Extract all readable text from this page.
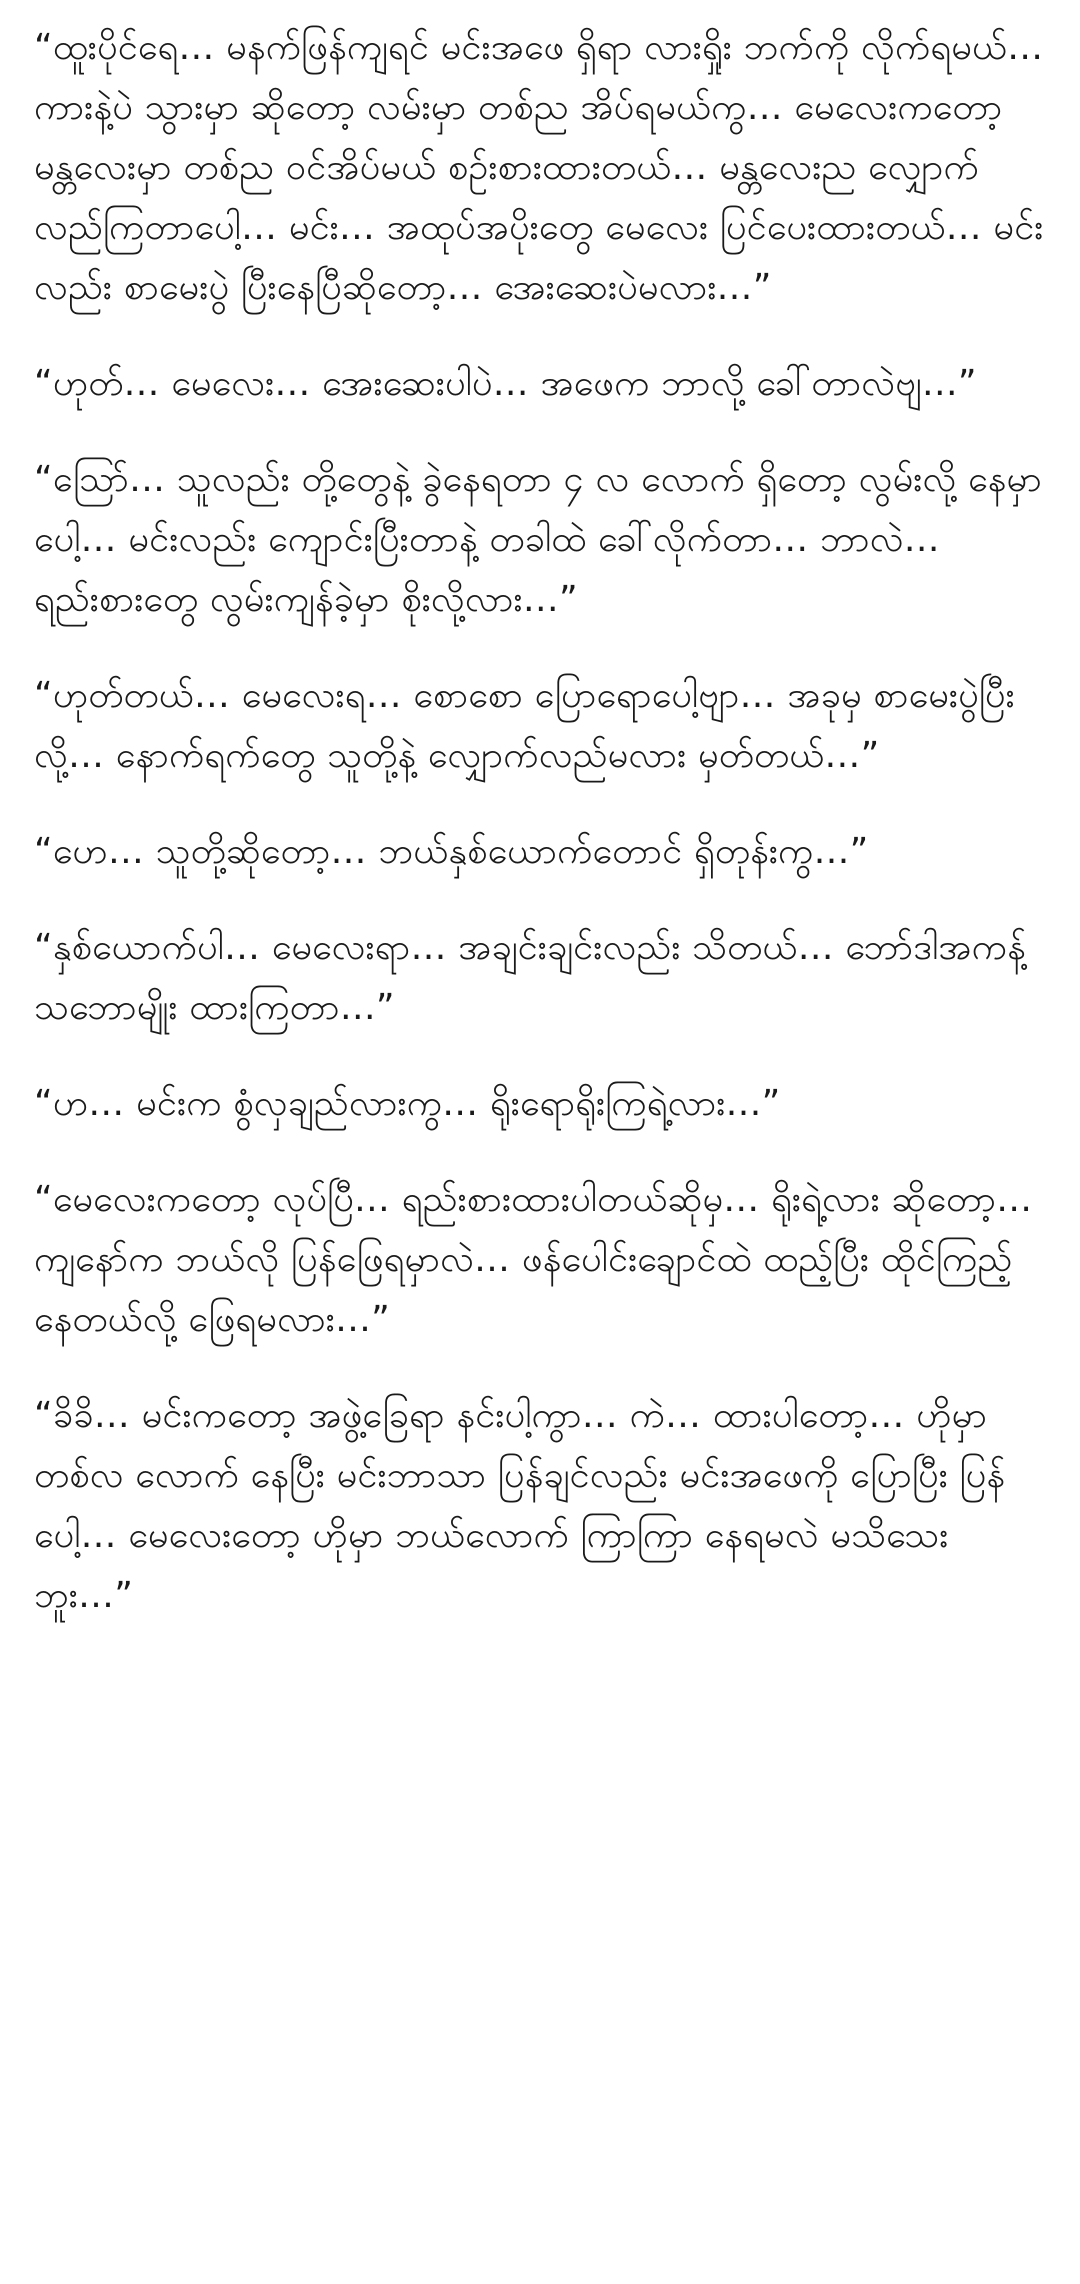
“ထူးပိုင်ရေ… မနက်ဖြန်ကျရင် မင်းအဖေ ရှိရာ လားရှိုး ဘက်ကို လိုက်ရမယ်… ကားနဲ့ပဲ သွားမှာ ဆိုတော့ လမ်းမှာ တစ်ည အိပ်ရမယ်ကွ… မေလေးကတော့ မန္တလေးမှာ တစ်ည ဝင်အိပ်မယ် စဉ်းစားထားတယ်… မန္တလေးည လျှောက်လည်ကြတာပေါ့… မင်း… အထုပ်အပိုးတွေ မေလေး ပြင်ပေးထားတယ်… မင်းလည်း စာမေးပွဲ ပြီးနေပြီဆိုတော့… အေးဆေးပဲမလား…”

“ဟုတ်… မေလေး… အေးဆေးပါပဲ… အဖေက ဘာလို့ ခေါ်တာလဲဗျ…”

“သြော်… သူလည်း တို့တွေနဲ့ ခွဲနေရတာ ၄ လ လောက် ရှိတော့ လွမ်းလို့ နေမှာပေါ့… မင်းလည်း ကျောင်းပြီးတာနဲ့ တခါထဲ ခေါ်လိုက်တာ… ဘာလဲ… ရည်းစားတွေ လွမ်းကျန်ခဲ့မှာ စိုးလို့လား…”

“ဟုတ်တယ်… မေလေးရ… စောစော ပြောရောပေါ့ဗျာ… အခုမှ စာမေးပွဲပြီးလို့… နောက်ရက်တွေ သူတို့နဲ့ လျှောက်လည်မလား မှတ်တယ်…”

“ဟေ… သူတို့ဆိုတော့… ဘယ်နှစ်ယောက်တောင် ရှိတုန်းကွ…”

“နှစ်ယောက်ပါ… မေလေးရာ… အချင်းချင်းလည်း သိတယ်… ဘော်ဒါအကန့်သဘောမျိုး ထားကြတာ…”

“ဟ… မင်းက စွံလှချည်လားကွ… ရိုးရောရိုးကြရဲ့လား…”

“မေလေးကတော့ လုပ်ပြီ… ရည်းစားထားပါတယ်ဆိုမှ… ရိုးရဲ့လား ဆိုတော့… ကျနော်က ဘယ်လို ပြန်ဖြေရမှာလဲ… ဖန်ပေါင်းချောင်ထဲ ထည့်ပြီး ထိုင်ကြည့်နေတယ်လို့ ဖြေရမလား…”

“ခိခိ… မင်းကတော့ အဖွဲ့ခြေရာ နင်းပါ့ကွာ… ကဲ… ထားပါတော့… ဟိုမှာ တစ်လ လောက် နေပြီး မင်းဘာသာ ပြန်ချင်လည်း မင်းအဖေကို ပြောပြီး ပြန်ပေါ့… မေလေးတော့ ဟိုမှာ ဘယ်လောက် ကြာကြာ နေရမလဲ မသိသေးဘူး…”
